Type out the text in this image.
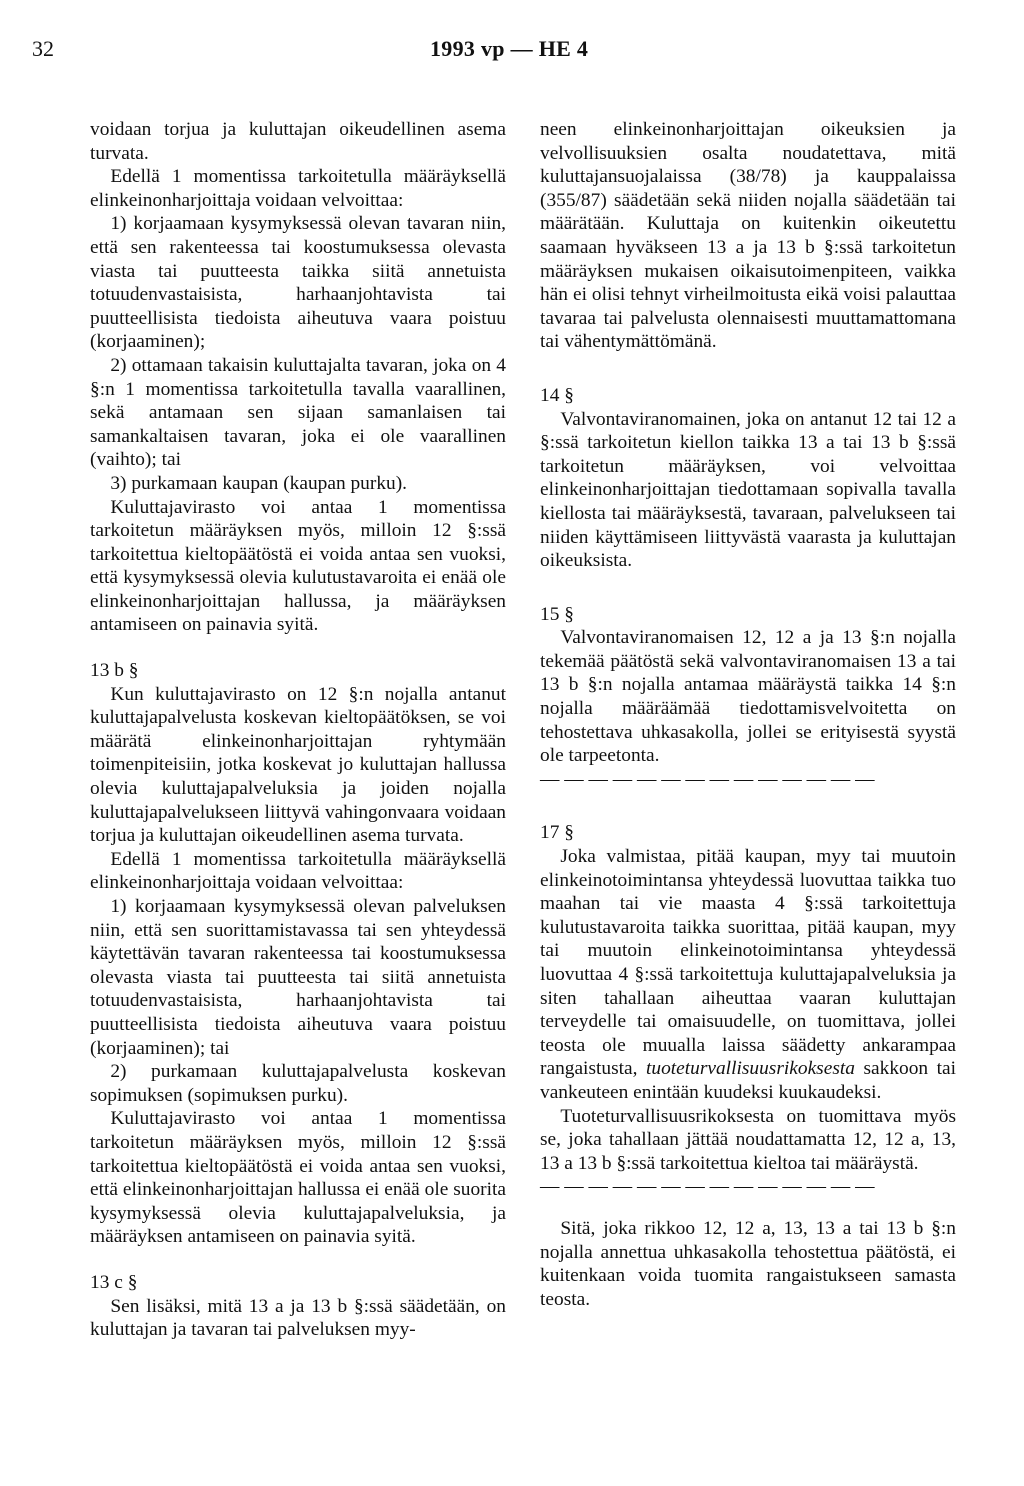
32	1993 vp — HE 4

voidaan torjua ja kuluttajan oikeudellinen asema turvata.

Edellä 1 momentissa tarkoitetulla määräyksellä elinkeinonharjoittaja voidaan velvoittaa:

1) korjaamaan kysymyksessä olevan tavaran niin, että sen rakenteessa tai koostumuksessa olevasta viasta tai puutteesta taikka siitä annetuista totuudenvastaisista, harhaanjohtavista tai puutteellisista tiedoista aiheutuva vaara poistuu (korjaaminen);

2) ottamaan takaisin kuluttajalta tavaran, joka on 4 §:n 1 momentissa tarkoitetulla tavalla vaarallinen, sekä antamaan sen sijaan samanlaisen tai samankaltaisen tavaran, joka ei ole vaarallinen (vaihto); tai

3) purkamaan kaupan (kaupan purku).

Kuluttajavirasto voi antaa 1 momentissa tarkoitetun määräyksen myös, milloin 12 §:ssä tarkoitettua kieltopäätöstä ei voida antaa sen vuoksi, että kysymyksessä olevia kulutustavaroita ei enää ole elinkeinonharjoittajan hallussa, ja määräyksen antamiseen on painavia syitä.

13 b §

Kun kuluttajavirasto on 12 §:n nojalla antanut kuluttajapalvelusta koskevan kieltopäätöksen, se voi määrätä elinkeinonharjoittajan ryhtymään toimenpiteisiin, jotka koskevat jo kuluttajan hallussa olevia kuluttajapalveluksia ja joiden nojalla kuluttajapalvelukseen liittyvä vahingonvaara voidaan torjua ja kuluttajan oikeudellinen asema turvata.

Edellä 1 momentissa tarkoitetulla määräyksellä elinkeinonharjoittaja voidaan velvoittaa:

1) korjaamaan kysymyksessä olevan palveluksen niin, että sen suorittamistavassa tai sen yhteydessä käytettävän tavaran rakenteessa tai koostumuksessa olevasta viasta tai puutteesta tai siitä annetuista totuudenvastaisista, harhaanjohtavista tai puutteellisista tiedoista aiheutuva vaara poistuu (korjaaminen); tai

2) purkamaan kuluttajapalvelusta koskevan sopimuksen (sopimuksen purku).

Kuluttajavirasto voi antaa 1 momentissa tarkoitetun määräyksen myös, milloin 12 §:ssä tarkoitettua kieltopäätöstä ei voida antaa sen vuoksi, että elinkeinonharjoittajan hallussa ei enää ole suorita kysymyksessä olevia kuluttajapalveluksia, ja määräyksen antamiseen on painavia syitä.

13 c §

Sen lisäksi, mitä 13 a ja 13 b §:ssä säädetään, on kuluttajan ja tavaran tai palveluksen myy-

neen elinkeinonharjoittajan oikeuksien ja velvollisuuksien osalta noudatettava, mitä kuluttajansuojalaissa (38/78) ja kauppalaissa (355/87) säädetään sekä niiden nojalla säädetään tai määrätään. Kuluttaja on kuitenkin oikeutettu saamaan hyväkseen 13 a ja 13 b §:ssä tarkoitetun määräyksen mukaisen oikaisutoimenpiteen, vaikka hän ei olisi tehnyt virheilmoitusta eikä voisi palauttaa tavaraa tai palvelusta olennaisesti muuttamattomana tai vähentymättömänä.

14 §

Valvontaviranomainen, joka on antanut 12 tai 12 a §:ssä tarkoitetun kiellon taikka 13 a tai 13 b §:ssä tarkoitetun määräyksen, voi velvoittaa elinkeinonharjoittajan tiedottamaan sopivalla tavalla kiellosta tai määräyksestä, tavaraan, palvelukseen tai niiden käyttämiseen liittyvästä vaarasta ja kuluttajan oikeuksista.

15 §

Valvontaviranomaisen 12, 12 a ja 13 §:n nojalla tekemää päätöstä sekä valvontaviranomaisen 13 a tai 13 b §:n nojalla antamaa määräystä taikka 14 §:n nojalla määräämää tiedottamisvelvoitetta on tehostettava uhkasakolla, jollei se erityisestä syystä ole tarpeetonta.

— — — — — — — — — — — — — —

17 §

Joka valmistaa, pitää kaupan, myy tai muutoin elinkeinotoimintansa yhteydessä luovuttaa taikka tuo maahan tai vie maasta 4 §:ssä tarkoitettuja kulutustavaroita taikka suorittaa, pitää kaupan, myy tai muutoin elinkeinotoimintansa yhteydessä luovuttaa 4 §:ssä tarkoitettuja kuluttajapalveluksia ja siten tahallaan aiheuttaa vaaran kuluttajan terveydelle tai omaisuudelle, on tuomittava, jollei teosta ole muualla laissa säädetty ankarampaa rangaistusta, tuoteturvallisuusrikoksesta sakkoon tai vankeuteen enintään kuudeksi kuukaudeksi.

Tuoteturvallisuusrikoksesta on tuomittava myös se, joka tahallaan jättää noudattamatta 12, 12 a, 13, 13 a 13 b §:ssä tarkoitettua kieltoa tai määräystä.

— — — — — — — — — — — — — —

Sitä, joka rikkoo 12, 12 a, 13, 13 a tai 13 b §:n nojalla annettua uhkasakolla tehostettua päätöstä, ei kuitenkaan voida tuomita rangaistukseen samasta teosta.
